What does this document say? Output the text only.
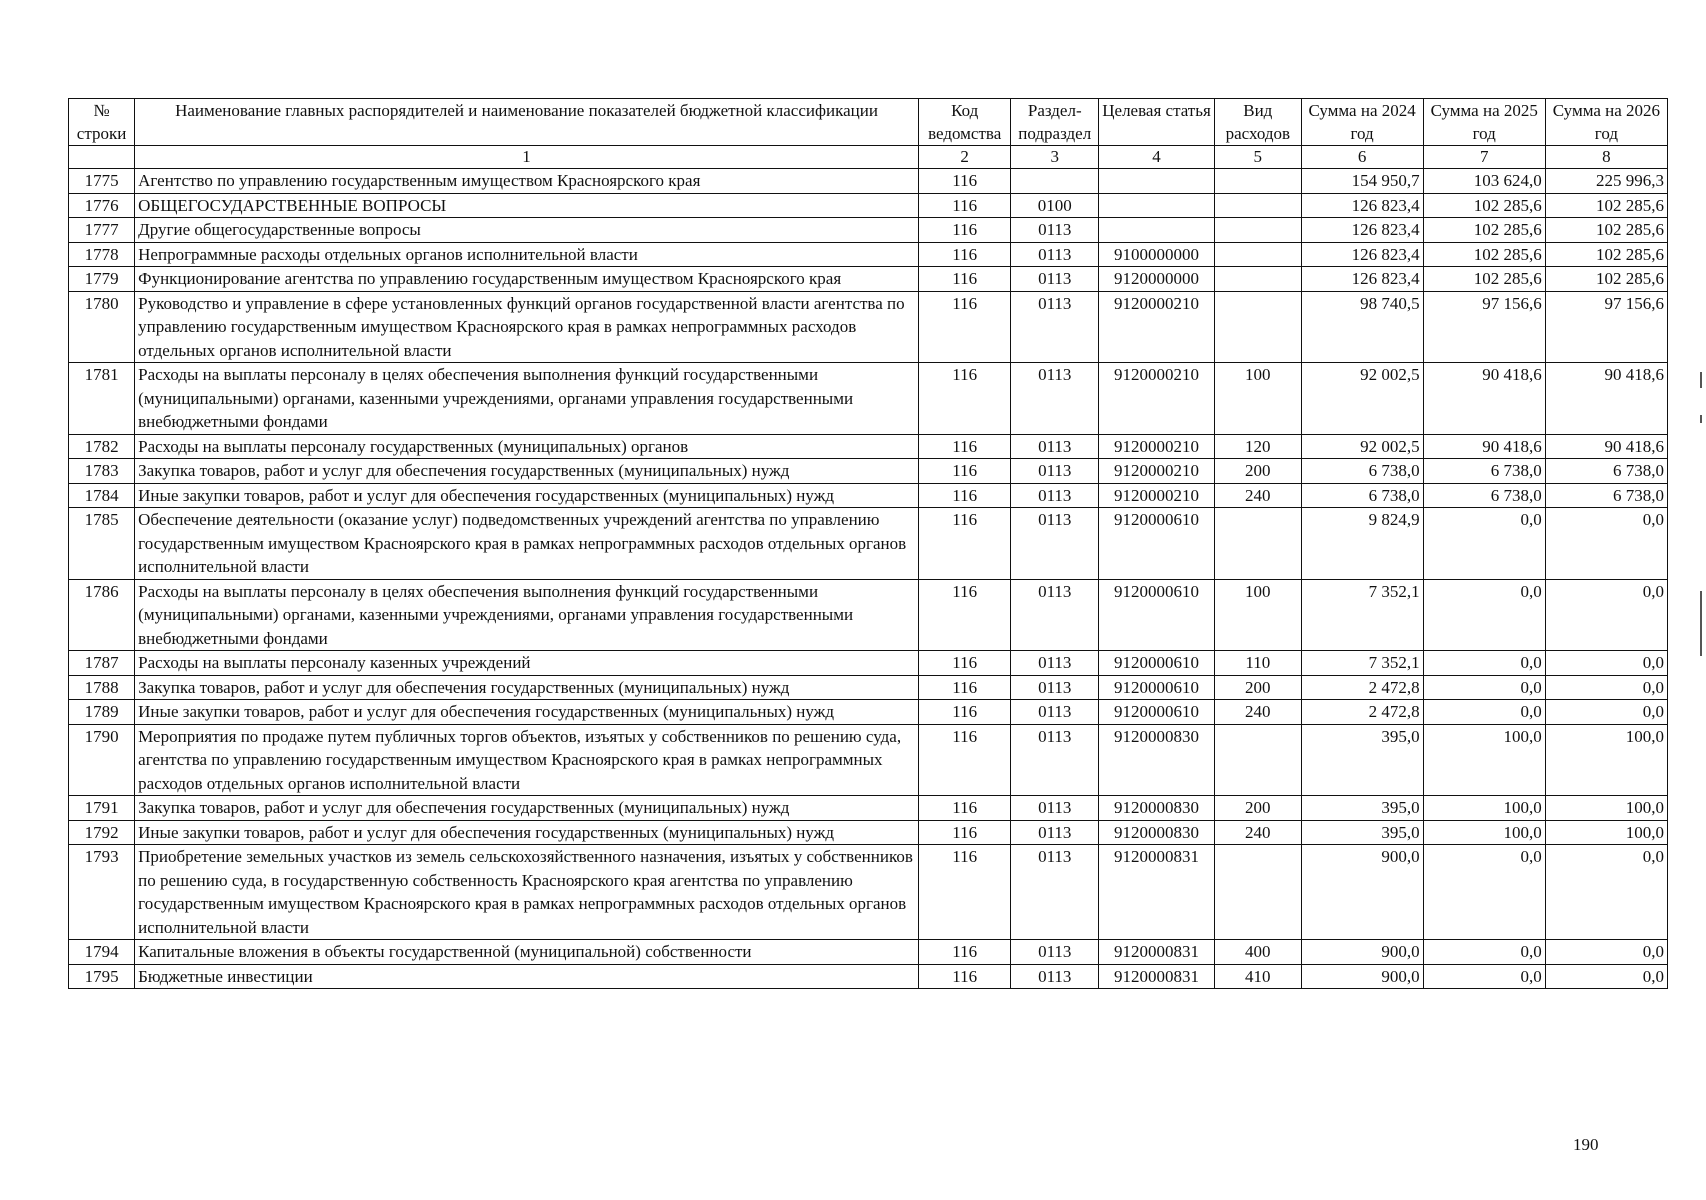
№ строки	Наименование главных распорядителей и наименование показателей бюджетной классификации	Код ведомства	Раздел-подраздел	Целевая статья	Вид расходов	Сумма на 2024 год	Сумма на 2025 год	Сумма на 2026 год
	1	2	3	4	5	6	7	8
1775	Агентство по управлению государственным имуществом Красноярского края	116				154 950,7	103 624,0	225 996,3
1776	ОБЩЕГОСУДАРСТВЕННЫЕ ВОПРОСЫ	116	0100			126 823,4	102 285,6	102 285,6
1777	Другие общегосударственные вопросы	116	0113			126 823,4	102 285,6	102 285,6
1778	Непрограммные расходы отдельных органов исполнительной власти	116	0113	9100000000		126 823,4	102 285,6	102 285,6
1779	Функционирование агентства по управлению государственным имуществом Красноярского края	116	0113	9120000000		126 823,4	102 285,6	102 285,6
1780	Руководство и управление в сфере установленных функций органов государственной власти агентства по управлению государственным имуществом Красноярского края в рамках непрограммных расходов отдельных органов исполнительной власти	116	0113	9120000210		98 740,5	97 156,6	97 156,6
1781	Расходы на выплаты персоналу в целях обеспечения выполнения функций государственными (муниципальными) органами, казенными учреждениями, органами управления государственными внебюджетными фондами	116	0113	9120000210	100	92 002,5	90 418,6	90 418,6
1782	Расходы на выплаты персоналу государственных (муниципальных) органов	116	0113	9120000210	120	92 002,5	90 418,6	90 418,6
1783	Закупка товаров, работ и услуг для обеспечения государственных (муниципальных) нужд	116	0113	9120000210	200	6 738,0	6 738,0	6 738,0
1784	Иные закупки товаров, работ и услуг для обеспечения государственных (муниципальных) нужд	116	0113	9120000210	240	6 738,0	6 738,0	6 738,0
1785	Обеспечение деятельности (оказание услуг) подведомственных учреждений агентства по управлению государственным имуществом Красноярского края в рамках непрограммных расходов отдельных органов исполнительной власти	116	0113	9120000610		9 824,9	0,0	0,0
1786	Расходы на выплаты персоналу в целях обеспечения выполнения функций государственными (муниципальными) органами, казенными учреждениями, органами управления государственными внебюджетными фондами	116	0113	9120000610	100	7 352,1	0,0	0,0
1787	Расходы на выплаты персоналу казенных учреждений	116	0113	9120000610	110	7 352,1	0,0	0,0
1788	Закупка товаров, работ и услуг для обеспечения государственных (муниципальных) нужд	116	0113	9120000610	200	2 472,8	0,0	0,0
1789	Иные закупки товаров, работ и услуг для обеспечения государственных (муниципальных) нужд	116	0113	9120000610	240	2 472,8	0,0	0,0
1790	Мероприятия по продаже путем публичных торгов объектов, изъятых у собственников по решению суда, агентства по управлению государственным имуществом Красноярского края в рамках непрограммных расходов отдельных органов исполнительной власти	116	0113	9120000830		395,0	100,0	100,0
1791	Закупка товаров, работ и услуг для обеспечения государственных (муниципальных) нужд	116	0113	9120000830	200	395,0	100,0	100,0
1792	Иные закупки товаров, работ и услуг для обеспечения государственных (муниципальных) нужд	116	0113	9120000830	240	395,0	100,0	100,0
1793	Приобретение земельных участков из земель сельскохозяйственного назначения, изъятых у собственников по решению суда, в государственную собственность Красноярского края агентства по управлению государственным имуществом Красноярского края в рамках непрограммных расходов отдельных органов исполнительной власти	116	0113	9120000831		900,0	0,0	0,0
1794	Капитальные вложения в объекты государственной (муниципальной) собственности	116	0113	9120000831	400	900,0	0,0	0,0
1795	Бюджетные инвестиции	116	0113	9120000831	410	900,0	0,0	0,0
190
